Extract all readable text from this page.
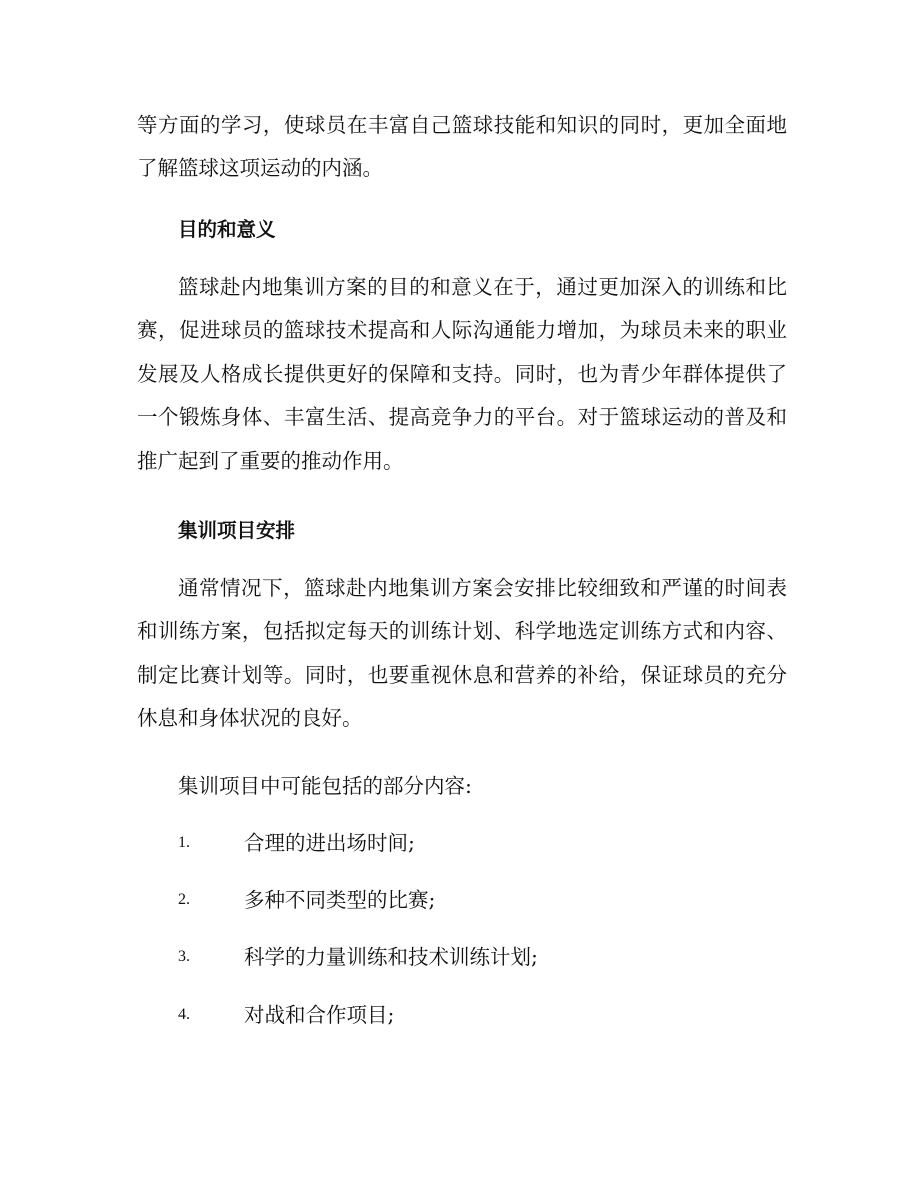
等方面的学习，使球员在丰富自己篮球技能和知识的同时，更加全面地了解篮球这项运动的内涵。

目的和意义

篮球赴内地集训方案的目的和意义在于，通过更加深入的训练和比赛，促进球员的篮球技术提高和人际沟通能力增加，为球员未来的职业发展及人格成长提供更好的保障和支持。同时，也为青少年群体提供了一个锻炼身体、丰富生活、提高竞争力的平台。对于篮球运动的普及和推广起到了重要的推动作用。

集训项目安排

通常情况下，篮球赴内地集训方案会安排比较细致和严谨的时间表和训练方案，包括拟定每天的训练计划、科学地选定训练方式和内容、制定比赛计划等。同时，也要重视休息和营养的补给，保证球员的充分休息和身体状况的良好。

集训项目中可能包括的部分内容:

1.	合理的进出场时间;
2.	多种不同类型的比赛;
3.	科学的力量训练和技术训练计划;
4.	对战和合作项目;
